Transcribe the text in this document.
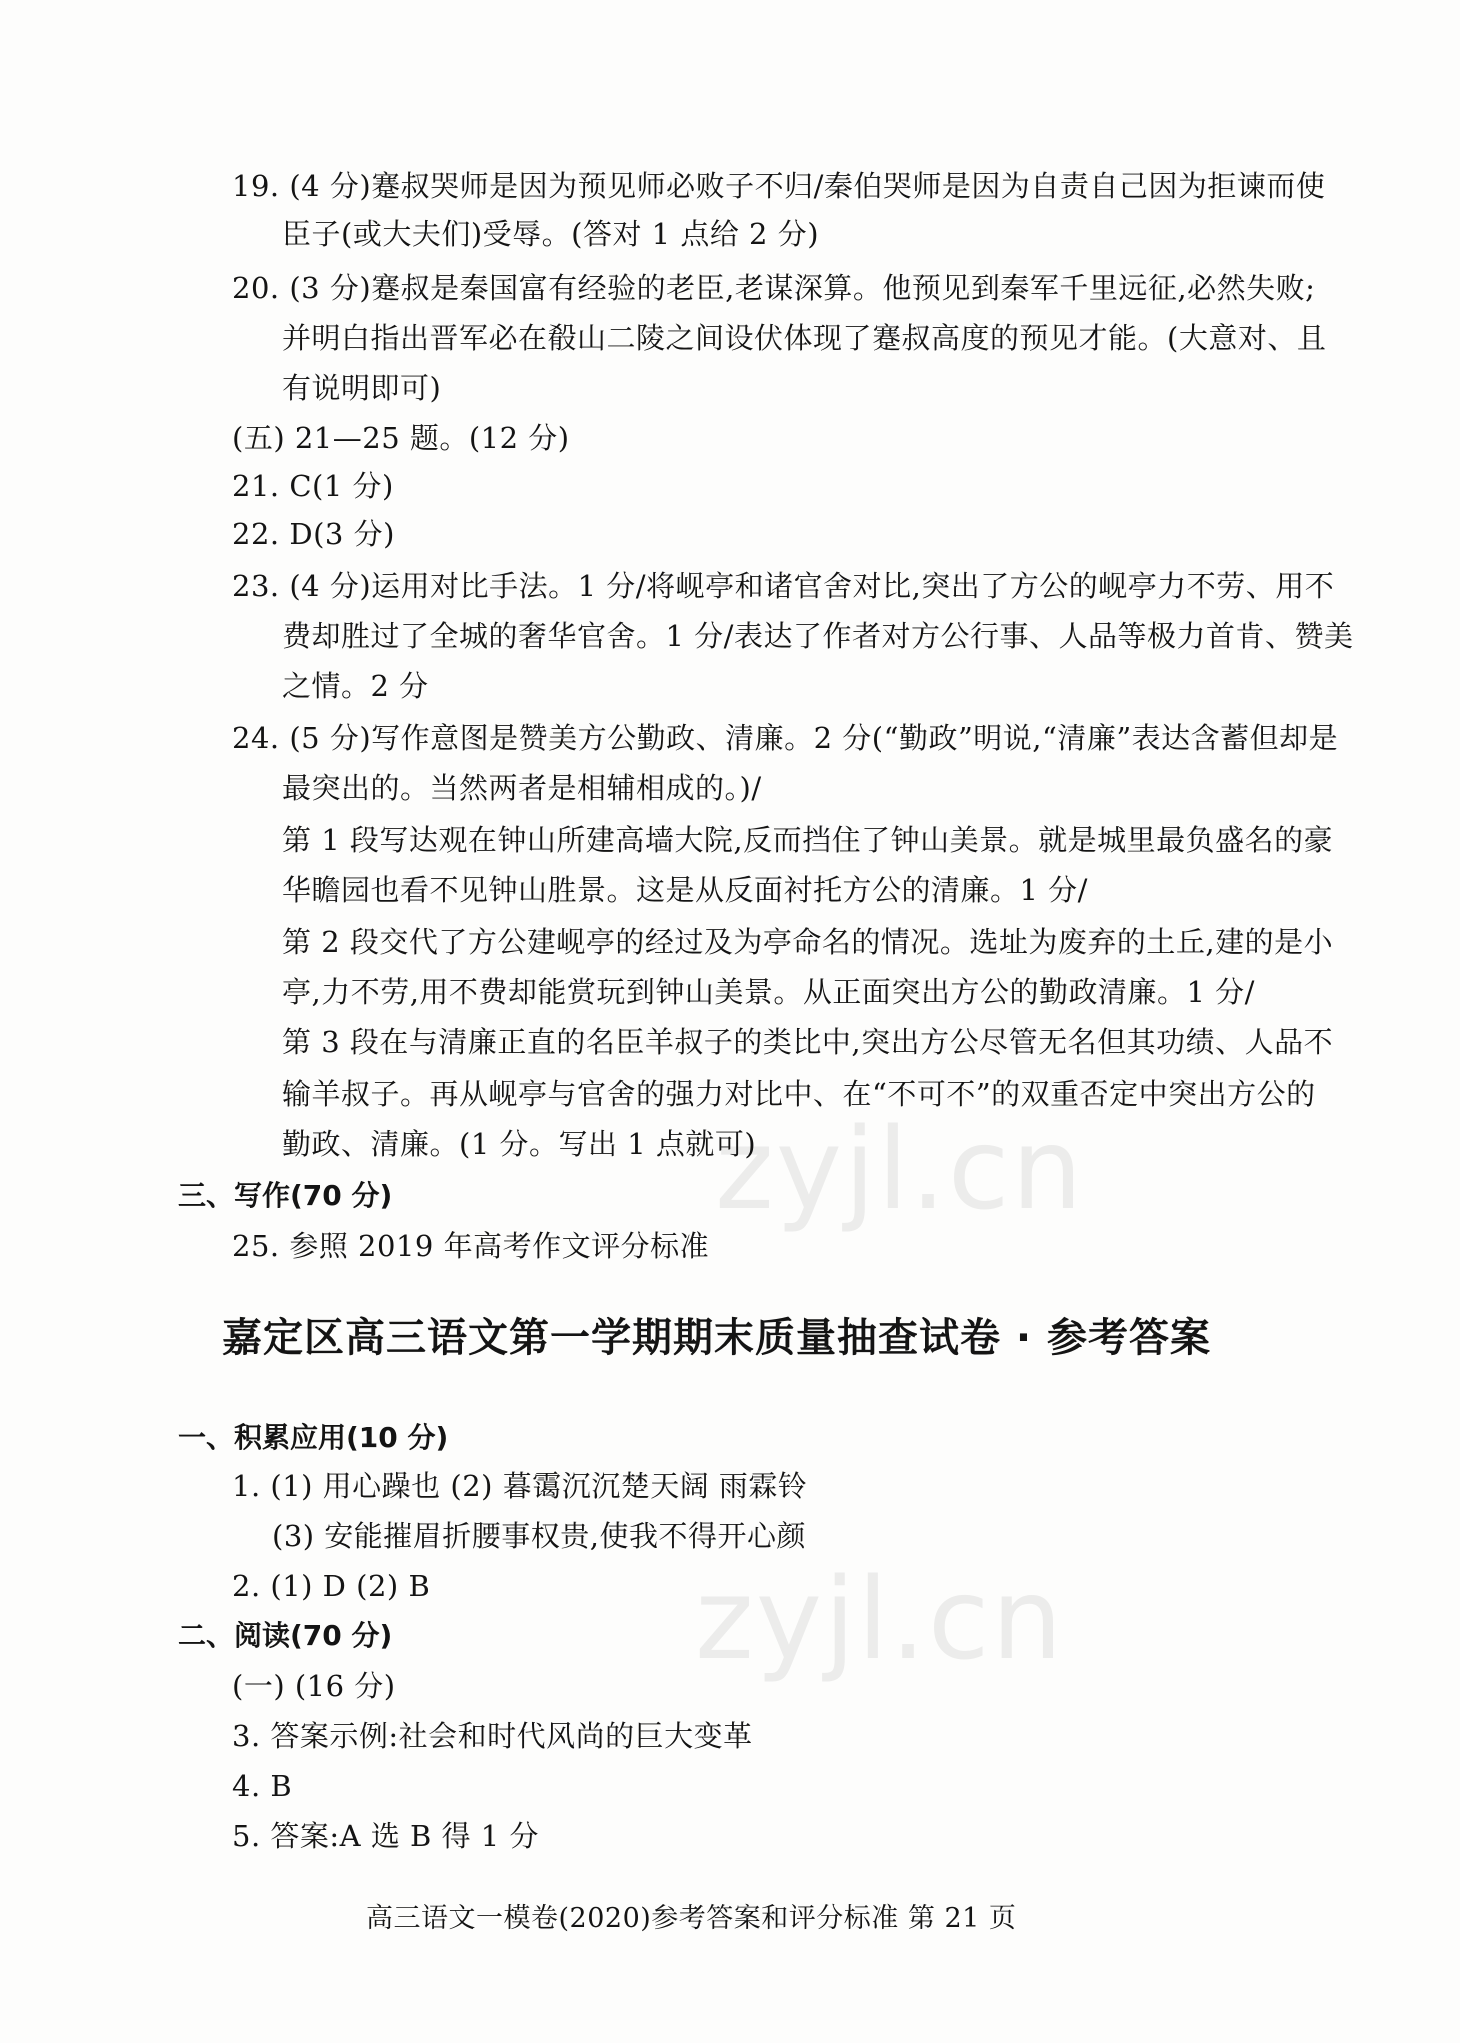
zyjl.cn
zyjl.cn
19. (4 分)蹇叔哭师是因为预见师必败子不归/秦伯哭师是因为自责自己因为拒谏而使
臣子(或大夫们)受辱。(答对 1 点给 2 分)
20. (3 分)蹇叔是秦国富有经验的老臣,老谋深算。他预见到秦军千里远征,必然失败;
并明白指出晋军必在殽山二陵之间设伏体现了蹇叔高度的预见才能。(大意对、且
有说明即可)
(五) 21—25 题。(12 分)
21. C(1 分)
22. D(3 分)
23. (4 分)运用对比手法。1 分/将岘亭和诸官舍对比,突出了方公的岘亭力不劳、用不
费却胜过了全城的奢华官舍。1 分/表达了作者对方公行事、人品等极力首肯、赞美
之情。2 分
24. (5 分)写作意图是赞美方公勤政、清廉。2 分(“勤政”明说,“清廉”表达含蓄但却是
最突出的。当然两者是相辅相成的。)/
第 1 段写达观在钟山所建高墙大院,反而挡住了钟山美景。就是城里最负盛名的豪
华瞻园也看不见钟山胜景。这是从反面衬托方公的清廉。1 分/
第 2 段交代了方公建岘亭的经过及为亭命名的情况。选址为废弃的土丘,建的是小
亭,力不劳,用不费却能赏玩到钟山美景。从正面突出方公的勤政清廉。1 分/
第 3 段在与清廉正直的名臣羊叔子的类比中,突出方公尽管无名但其功绩、人品不
输羊叔子。再从岘亭与官舍的强力对比中、在“不可不”的双重否定中突出方公的
勤政、清廉。(1 分。写出 1 点就可)
三、写作(70 分)
25. 参照 2019 年高考作文评分标准
嘉定区高三语文第一学期期末质量抽查试卷 · 参考答案
一、积累应用(10 分)
1. (1) 用心躁也 (2) 暮霭沉沉楚天阔 雨霖铃
(3) 安能摧眉折腰事权贵,使我不得开心颜
2. (1) D (2) B
二、阅读(70 分)
(一) (16 分)
3. 答案示例:社会和时代风尚的巨大变革
4. B
5. 答案:A 选 B 得 1 分
高三语文一模卷(2020)参考答案和评分标准 第 21 页
